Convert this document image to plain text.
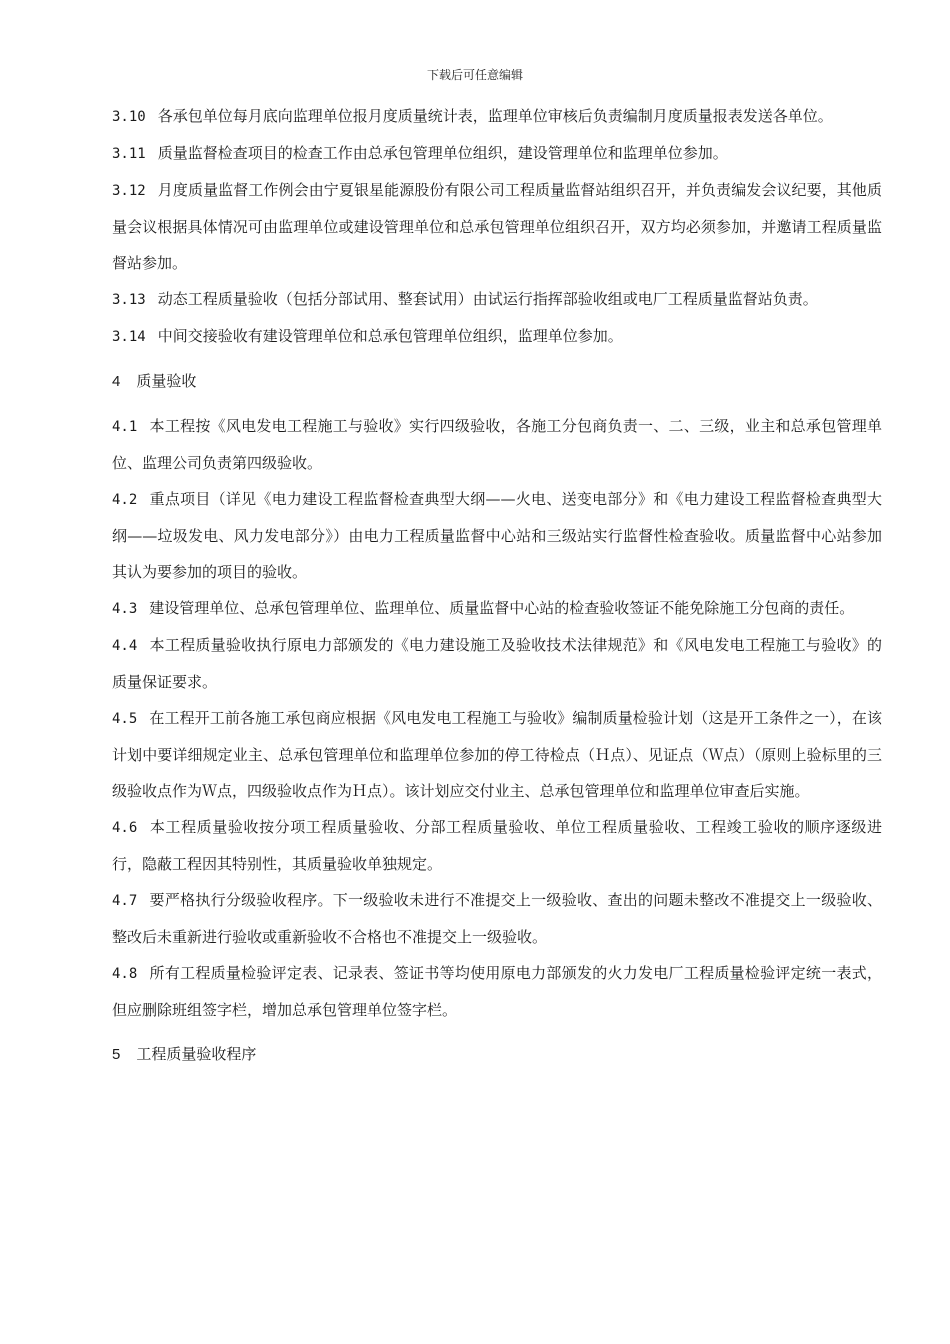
下载后可任意编辑

3.10 各承包单位每月底向监理单位报月度质量统计表，监理单位审核后负责编制月度质量报表发送各单位。

3.11 质量监督检查项目的检查工作由总承包管理单位组织，建设管理单位和监理单位参加。

3.12 月度质量监督工作例会由宁夏银星能源股份有限公司工程质量监督站组织召开，并负责编发会议纪要，其他质量会议根据具体情况可由监理单位或建设管理单位和总承包管理单位组织召开，双方均必须参加，并邀请工程质量监督站参加。

3.13 动态工程质量验收（包括分部试用、整套试用）由试运行指挥部验收组或电厂工程质量监督站负责。

3.14 中间交接验收有建设管理单位和总承包管理单位组织，监理单位参加。

4 质量验收

4.1 本工程按《风电发电工程施工与验收》实行四级验收，各施工分包商负责一、二、三级，业主和总承包管理单位、监理公司负责第四级验收。

4.2 重点项目（详见《电力建设工程监督检查典型大纲——火电、送变电部分》和《电力建设工程监督检查典型大纲——垃圾发电、风力发电部分》）由电力工程质量监督中心站和三级站实行监督性检查验收。质量监督中心站参加其认为要参加的项目的验收。

4.3 建设管理单位、总承包管理单位、监理单位、质量监督中心站的检查验收签证不能免除施工分包商的责任。

4.4 本工程质量验收执行原电力部颁发的《电力建设施工及验收技术法律规范》和《风电发电工程施工与验收》的质量保证要求。

4.5 在工程开工前各施工承包商应根据《风电发电工程施工与验收》编制质量检验计划（这是开工条件之一），在该计划中要详细规定业主、总承包管理单位和监理单位参加的停工待检点（Ｈ点）、见证点（Ｗ点）（原则上验标里的三级验收点作为Ｗ点，四级验收点作为Ｈ点）。该计划应交付业主、总承包管理单位和监理单位审查后实施。

4.6 本工程质量验收按分项工程质量验收、分部工程质量验收、单位工程质量验收、工程竣工验收的顺序逐级进行，隐蔽工程因其特别性，其质量验收单独规定。

4.7 要严格执行分级验收程序。下一级验收未进行不准提交上一级验收、查出的问题未整改不准提交上一级验收、整改后未重新进行验收或重新验收不合格也不准提交上一级验收。

4.8 所有工程质量检验评定表、记录表、签证书等均使用原电力部颁发的火力发电厂工程质量检验评定统一表式，但应删除班组签字栏，增加总承包管理单位签字栏。

5 工程质量验收程序
